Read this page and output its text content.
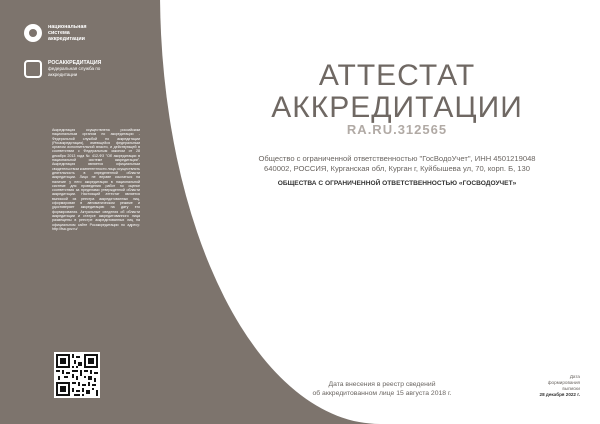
национальная система аккредитации
РОСАККРЕДИТАЦИЯ
федеральная служба по аккредитации
Аккредитация осуществлена российским национальным органом по аккредитации - Федеральной службой по аккредитации (Росаккредитация), имеющейся федеральным органом исполнительной власти, и действующей в соответствии с Федеральным законом от 28 декабря 2013 года № 412-ФЗ "Об аккредитации в национальной системе аккредитации". Аккредитация является официальным свидетельством компетентности лица осуществлять деятельность в определенной области аккредитации. Лицо не вправе ссылаться на наличие у него аккредитации в национальной системе для проведения работ по оценке соответствия за пределами утвержденной области аккредитации. Настоящий аттестат является выпиской из реестра аккредитованных лиц, сформирован в автоматическом режиме и удостоверяет аккредитацию на дату его формирования. Актуальные сведения об области аккредитации и статусе аккредитованного лица размещены в реестре аккредитованных лиц на официальном сайте Росаккредитации по адресу: http://fsa.gov.ru/
АТТЕСТАТ
АККРЕДИТАЦИИ
RA.RU.312565
Общество с ограниченной ответственностью "ГосВодоУчет", ИНН 4501219048
640002, РОССИЯ, Курганская обл, Курган г, Куйбышева ул, 70, корп. Б, 130
ОБЩЕСТВА С ОГРАНИЧЕННОЙ ОТВЕТСТВЕННОСТЬЮ «ГОСВОДОУЧЕТ»
Дата внесения в реестр сведений
об аккредитованном лице 15 августа 2018 г.
Дата
формирования
выписки
28 декабря 2022 г.
